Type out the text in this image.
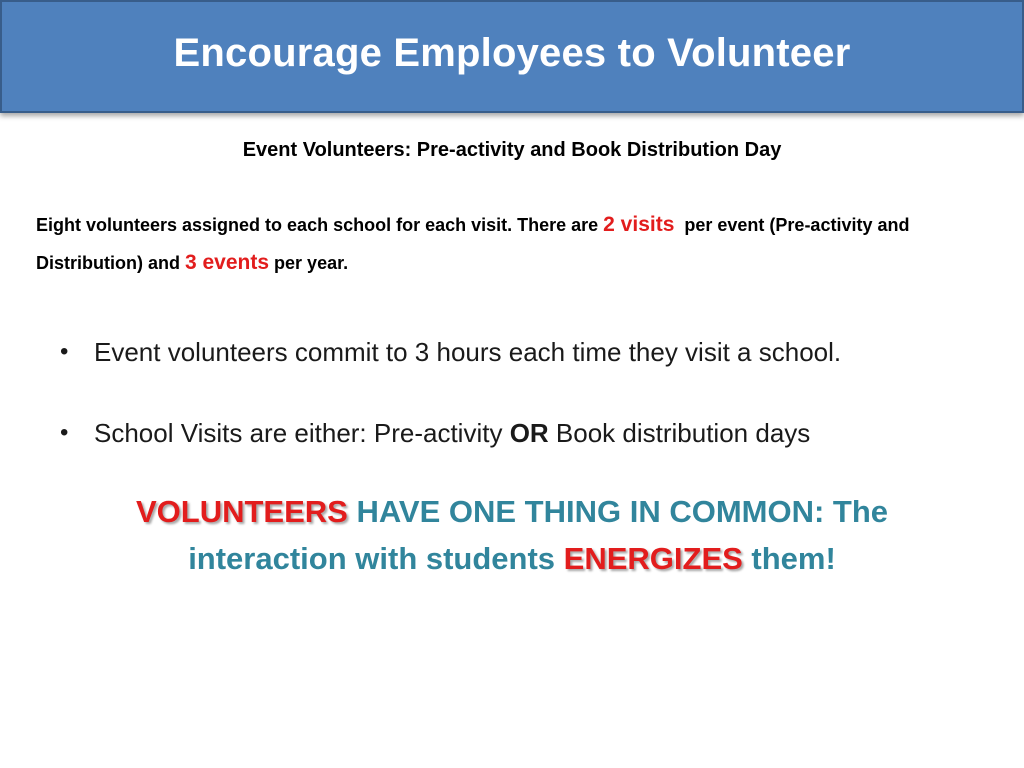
Encourage Employees to Volunteer
Event Volunteers: Pre-activity and Book Distribution Day
Eight volunteers assigned to each school for each visit. There are 2 visits  per event (Pre-activity and Distribution) and 3 events per year.
• Event volunteers commit to 3 hours each time they visit a school.
• School Visits are either: Pre-activity OR Book distribution days
VOLUNTEERS HAVE ONE THING IN COMMON: The interaction with students ENERGIZES them!
